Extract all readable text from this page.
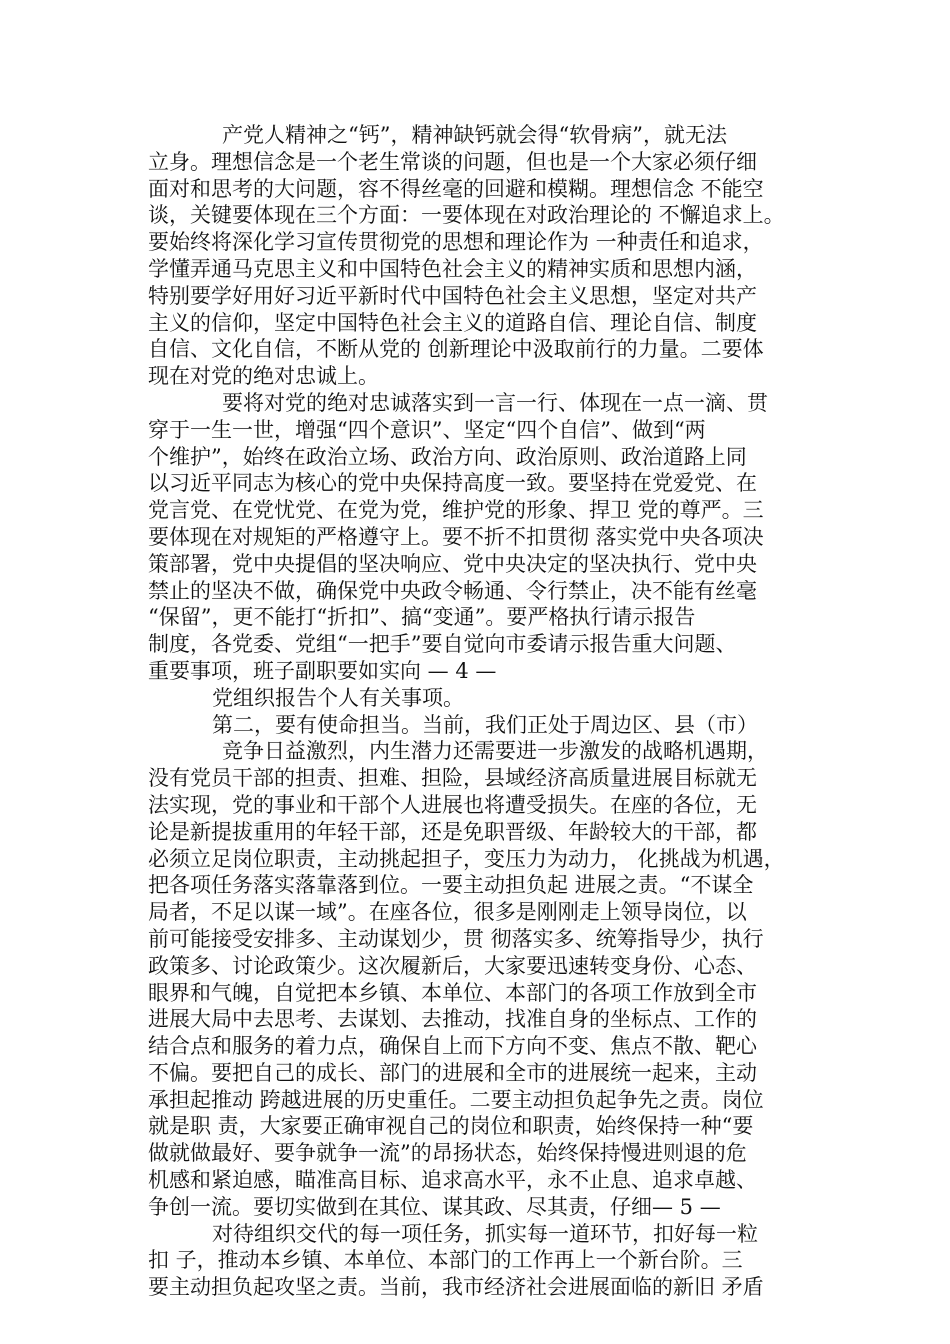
产党人精神之“钙”，精神缺钙就会得“软骨病”，就无法
立身。理想信念是一个老生常谈的问题，但也是一个大家必须仔细
面对和思考的大问题，容不得丝毫的回避和模糊。理想信念 不能空
谈，关键要体现在三个方面：一要体现在对政治理论的 不懈追求上。
要始终将深化学习宣传贯彻党的思想和理论作为 一种责任和追求，
学懂弄通马克思主义和中国特色社会主义的精神实质和思想内涵，
特别要学好用好习近平新时代中国特色社会主义思想，坚定对共产
主义的信仰，坚定中国特色社会主义的道路自信、理论自信、制度
自信、文化自信，不断从党的 创新理论中汲取前行的力量。二要体
现在对党的绝对忠诚上。
要将对党的绝对忠诚落实到一言一行、体现在一点一滴、贯
穿于一生一世，增强“四个意识”、坚定“四个自信”、做到“两
个维护”，始终在政治立场、政治方向、政治原则、政治道路上同
以习近平同志为核心的党中央保持高度一致。要坚持在党爱党、在
党言党、在党忧党、在党为党，维护党的形象、捍卫 党的尊严。三
要体现在对规矩的严格遵守上。要不折不扣贯彻 落实党中央各项决
策部署，党中央提倡的坚决响应、党中央决定的坚决执行、党中央
禁止的坚决不做，确保党中央政令畅通、令行禁止，决不能有丝毫
“保留”，更不能打“折扣”、搞“变通”。要严格执行请示报告
制度，各党委、党组“一把手”要自觉向市委请示报告重大问题、
重要事项，班子副职要如实向 — 4 —
党组织报告个人有关事项。
第二，要有使命担当。当前，我们正处于周边区、县（市）
竞争日益激烈，内生潜力还需要进一步激发的战略机遇期，
没有党员干部的担责、担难、担险，县域经济高质量进展目标就无
法实现，党的事业和干部个人进展也将遭受损失。在座的各位，无
论是新提拔重用的年轻干部，还是免职晋级、年龄较大的干部，都
必须立足岗位职责，主动挑起担子，变压力为动力， 化挑战为机遇，
把各项任务落实落靠落到位。一要主动担负起 进展之责。“不谋全
局者，不足以谋一域”。在座各位，很多是刚刚走上领导岗位，以
前可能接受安排多、主动谋划少，贯 彻落实多、统筹指导少，执行
政策多、讨论政策少。这次履新后，大家要迅速转变身份、心态、
眼界和气魄，自觉把本乡镇、本单位、本部门的各项工作放到全市
进展大局中去思考、去谋划、去推动，找准自身的坐标点、工作的
结合点和服务的着力点，确保自上而下方向不变、焦点不散、靶心
不偏。要把自己的成长、部门的进展和全市的进展统一起来，主动
承担起推动 跨越进展的历史重任。二要主动担负起争先之责。岗位
就是职 责，大家要正确审视自己的岗位和职责，始终保持一种“要
做就做最好、要争就争一流”的昂扬状态，始终保持慢进则退的危
机感和紧迫感，瞄准高目标、追求高水平，永不止息、追求卓越、
争创一流。要切实做到在其位、谋其政、尽其责，仔细— 5 —
对待组织交代的每一项任务，抓实每一道环节，扣好每一粒
扣 子，推动本乡镇、本单位、本部门的工作再上一个新台阶。三
要主动担负起攻坚之责。当前，我市经济社会进展面临的新旧 矛盾
